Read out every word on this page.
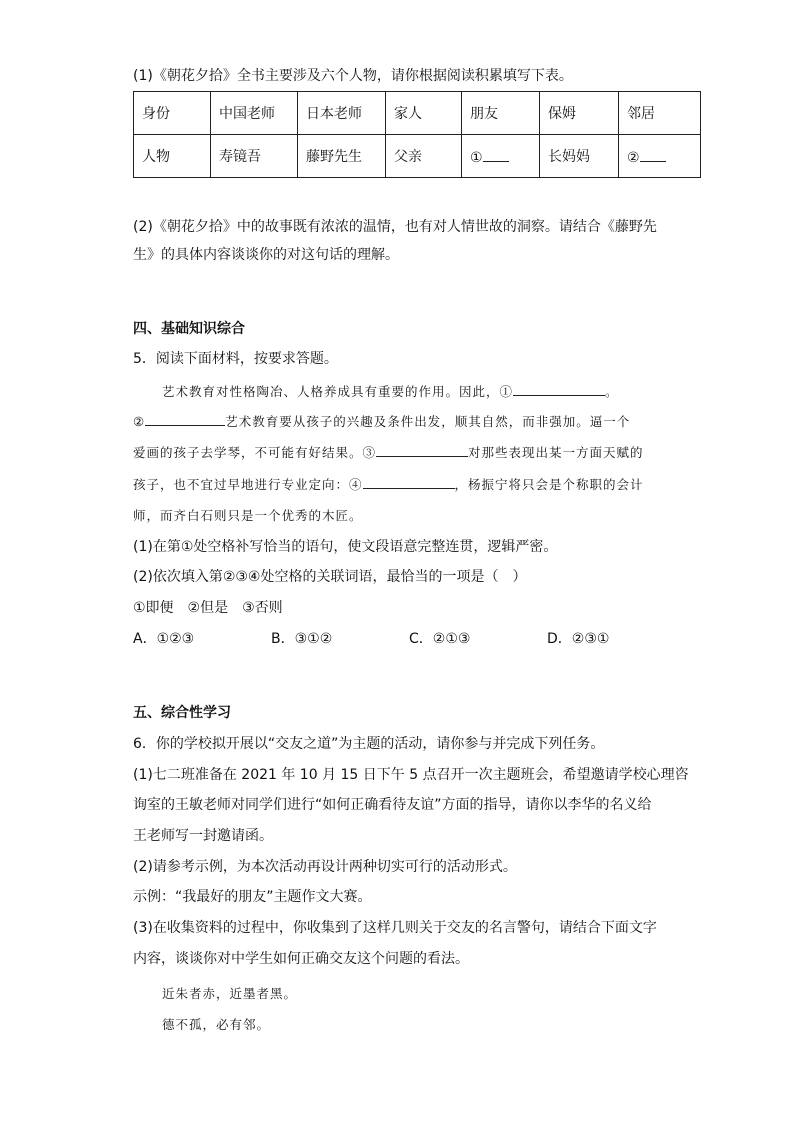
(1)《朝花夕拾》全书主要涉及六个人物，请你根据阅读积累填写下表。
身份	中国老师	日本老师	家人	朋友	保姆	邻居
人物	寿镜吾	藤野先生	父亲	①	长妈妈	②
(2)《朝花夕拾》中的故事既有浓浓的温情，也有对人情世故的洞察。请结合《藤野先
生》的具体内容谈谈你的对这句话的理解。
四、基础知识综合
5．阅读下面材料，按要求答题。
艺术教育对性格陶冶、人格养成具有重要的作用。因此，①	。
②	艺术教育要从孩子的兴趣及条件出发，顺其自然，而非强加。逼一个
爱画的孩子去学琴，不可能有好结果。③	对那些表现出某一方面天赋的
孩子，也不宜过早地进行专业定向：④	，杨振宁将只会是个称职的会计
师，而齐白石则只是一个优秀的木匠。
(1)在第①处空格补写恰当的语句，使文段语意完整连贯，逻辑严密。
(2)依次填入第②③④处空格的关联词语，最恰当的一项是（　）
①即便　②但是　③否则
A．①②③	B．③①②	C．②①③	D．②③①
五、综合性学习
6．你的学校拟开展以“交友之道”为主题的活动，请你参与并完成下列任务。
(1)七二班准备在 2021 年 10 月 15 日下午 5 点召开一次主题班会，希望邀请学校心理咨
询室的王敏老师对同学们进行“如何正确看待友谊”方面的指导，请你以李华的名义给
王老师写一封邀请函。
(2)请参考示例，为本次活动再设计两种切实可行的活动形式。
示例：“我最好的朋友”主题作文大赛。
(3)在收集资料的过程中，你收集到了这样几则关于交友的名言警句，请结合下面文字
内容，谈谈你对中学生如何正确交友这个问题的看法。
近朱者赤，近墨者黑。
德不孤，必有邻。
